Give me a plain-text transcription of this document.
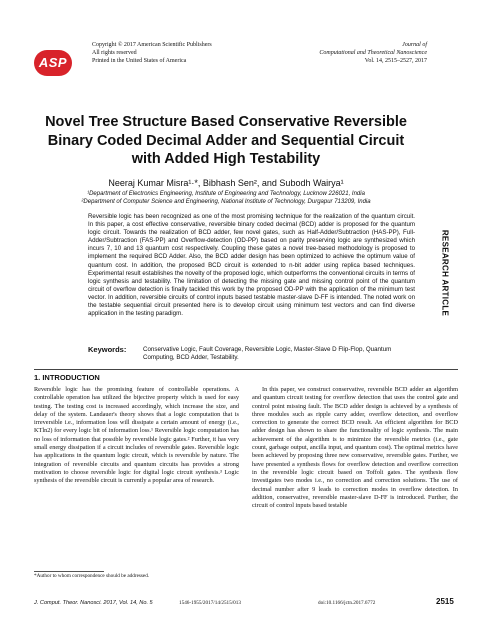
ASP
Copyright © 2017 American Scientific Publishers
All rights reserved
Printed in the United States of America
Journal of
Computational and Theoretical Nanoscience
Vol. 14, 2515–2527, 2017
Novel Tree Structure Based Conservative Reversible Binary Coded Decimal Adder and Sequential Circuit with Added High Testability
Neeraj Kumar Misra¹·*, Bibhash Sen², and Subodh Wairya¹
¹Department of Electronics Engineering, Institute of Engineering and Technology, Lucknow 226021, India
²Department of Computer Science and Engineering, National Institute of Technology, Durgapur 713209, India
Reversible logic has been recognized as one of the most promising technique for the realization of the quantum circuit. In this paper, a cost effective conservative, reversible binary coded decimal (BCD) adder is proposed for the quantum logic circuit. Towards the realization of BCD adder, few novel gates, such as Half-Adder/Subtraction (HAS-PP), Full-Adder/Subtraction (FAS-PP) and Overflow-detection (OD-PP) based on parity preserving logic are synthesized which incurs 7, 10 and 13 quantum cost respectively. Coupling these gates a novel tree-based methodology is proposed to implement the required BCD Adder. Also, the BCD adder design has been optimized to achieve the optimum value of quantum cost. In addition, the proposed BCD circuit is extended to n-bit adder using replica based techniques. Experimental result establishes the novelty of the proposed logic, which outperforms the conventional circuits in terms of logic synthesis and testability. The limitation of detecting the missing gate and missing control point of the quantum circuit of overflow detection is finally tackled this work by the proposed OD-PP with the application of the minimum test vector. In addition, reversible circuits of control inputs based testable master-slave D-FF is intended. The noted work on the testable sequential circuit presented here is to develop circuit using minimum test vectors and can find diverse application in the testing paradigm.
Keywords:	Conservative Logic, Fault Coverage, Reversible Logic, Master-Slave D Flip-Flop, Quantum Computing, BCD Adder, Testability.
RESEARCH ARTICLE
1. INTRODUCTION

Reversible logic has the promising feature of controllable operations. A controllable operation has utilized the bijective property which is used for easy testing. The testing cost is increased accordingly, which increase the size, and delay of the system. Landauer's theory shows that a logic computation that is irreversible i.e., information loss will dissipate a certain amount of energy (i.e., KTln2) for every logic bit of information loss.¹ Reversible logic computation has no loss of information that possible by reversible logic gates.² Further, it has very small energy dissipation if a circuit includes of reversible gates. Reversible logic has applications in the quantum logic circuit, which is reversible by nature. The integration of reversible circuits and quantum circuits has provides a strong motivation to choose reversible logic for digital logic circuit synthesis.³ Logic synthesis of the reversible circuit is currently a popular area of research.

In this paper, we construct conservative, reversible BCD adder an algorithm and quantum circuit testing for overflow detection that uses the control gate and control point missing fault. The BCD adder design is achieved by a synthesis of three modules such as ripple carry adder, overflow detection, and overflow correction to generate the correct BCD result. An efficient algorithm for BCD adder design has shown to share the functionality of logic synthesis. The main achievement of the algorithm is to minimize the reversible metrics (i.e., gate count, garbage output, ancilla input, and quantum cost). The optimal metrics have been achieved by proposing three new conservative, reversible gates. Further, we have presented a synthesis flows for overflow detection and overflow correction in the reversible logic circuit based on Toffoli gates. The synthesis flow investigates two modes i.e., no correction and correction solutions. The use of decimal number after 9 leads to correction modes in overflow detection. In addition, conservative, reversible master-slave D-FF is introduced. Further, the circuit of control inputs based testable

*Author to whom correspondence should be addressed.
J. Comput. Theor. Nanosci. 2017, Vol. 14, No. 5	1546-1955/2017/14/2515/013	doi:10.1166/jctn.2017.6772	2515
